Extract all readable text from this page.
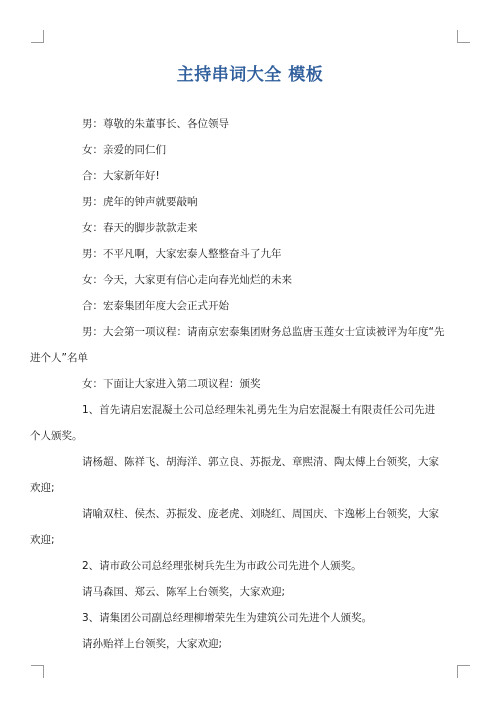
主持串词大全 模板

男：尊敬的朱董事长、各位领导

女：亲爱的同仁们

合：大家新年好!

男：虎年的钟声就要敲响

女：春天的脚步款款走来

男：不平凡啊，大家宏泰人整整奋斗了九年

女：今天，大家更有信心走向春光灿烂的未来

合：宏泰集团年度大会正式开始

男：大会第一项议程：请南京宏泰集团财务总监唐玉莲女士宣读被评为年度“先进个人”名单

女：下面让大家进入第二项议程：颁奖

1、首先请启宏混凝土公司总经理朱礼勇先生为启宏混凝土有限责任公司先进个人颁奖。

请杨超、陈祥飞、胡海洋、郭立良、苏振龙、章熙清、陶太傅上台领奖，大家欢迎;

请喻双柱、侯杰、苏振发、庞老虎、刘晓红、周国庆、卞逸彬上台领奖，大家欢迎;

2、请市政公司总经理张树兵先生为市政公司先进个人颁奖。

请马森国、郑云、陈军上台领奖，大家欢迎;

3、请集团公司副总经理柳增荣先生为建筑公司先进个人颁奖。

请孙贻祥上台领奖，大家欢迎;
